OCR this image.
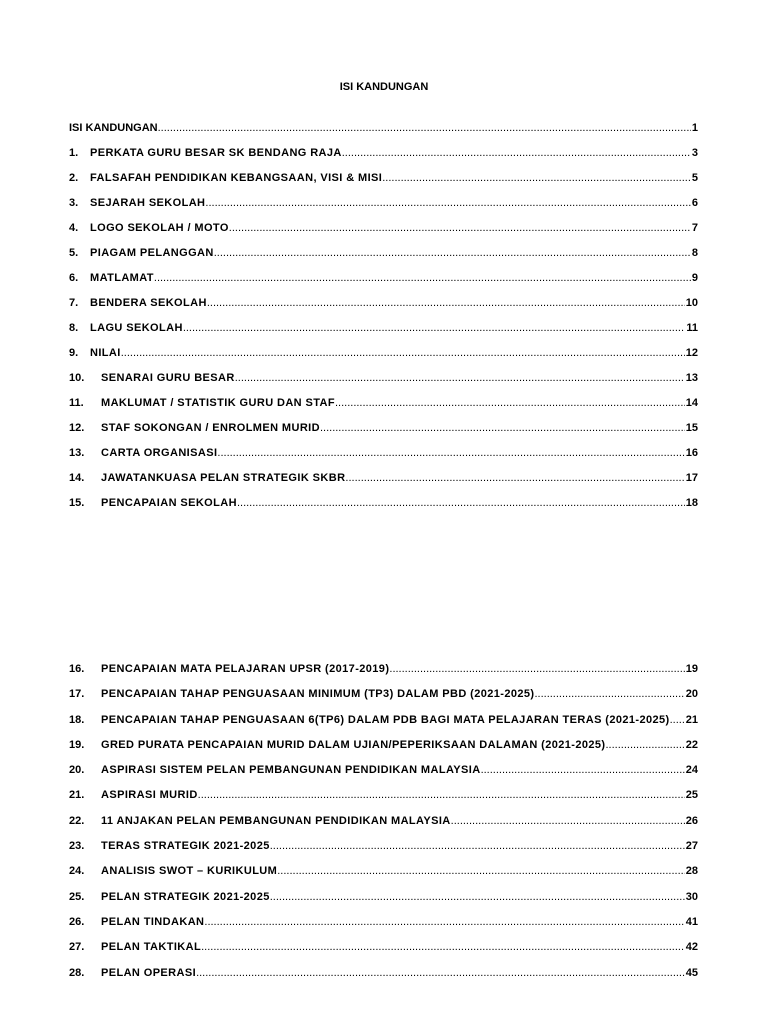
ISI KANDUNGAN
ISI KANDUNGAN .....	1
1.	PERKATA GURU BESAR SK BENDANG RAJA .....	3
2.	FALSAFAH PENDIDIKAN KEBANGSAAN, VISI & MISI .....	5
3.	SEJARAH SEKOLAH .....	6
4.	LOGO SEKOLAH / MOTO .....	7
5.	PIAGAM PELANGGAN .....	8
6.	MATLAMAT .....	9
7.	BENDERA SEKOLAH .....	10
8.	LAGU SEKOLAH .....	11
9.	NILAI .....	12
10.	SENARAI GURU BESAR .....	13
11.	MAKLUMAT / STATISTIK GURU DAN STAF .....	14
12.	STAF SOKONGAN / ENROLMEN MURID .....	15
13.	CARTA ORGANISASI .....	16
14.	JAWATANKUASA PELAN STRATEGIK SKBR .....	17
15.	PENCAPAIAN SEKOLAH .....	18
16.	PENCAPAIAN MATA PELAJARAN UPSR (2017-2019) .....	19
17.	PENCAPAIAN TAHAP PENGUASAAN MINIMUM (TP3) DALAM PBD (2021-2025) .....	20
18.	PENCAPAIAN TAHAP PENGUASAAN 6(TP6) DALAM PDB BAGI MATA PELAJARAN TERAS (2021-2025) ..... 21
19.	GRED PURATA PENCAPAIAN MURID DALAM UJIAN/PEPERIKSAAN DALAMAN (2021-2025) .....	22
20.	ASPIRASI SISTEM PELAN PEMBANGUNAN PENDIDIKAN MALAYSIA .....	24
21.	ASPIRASI MURID .....	25
22.	11 ANJAKAN PELAN PEMBANGUNAN PENDIDIKAN MALAYSIA .....	26
23.	TERAS STRATEGIK 2021-2025 .....	27
24.	ANALISIS SWOT – KURIKULUM .....	28
25.	PELAN STRATEGIK 2021-2025 .....	30
26.	PELAN TINDAKAN .....	41
27.	PELAN TAKTIKAL .....	42
28.	PELAN OPERASI .....	45
